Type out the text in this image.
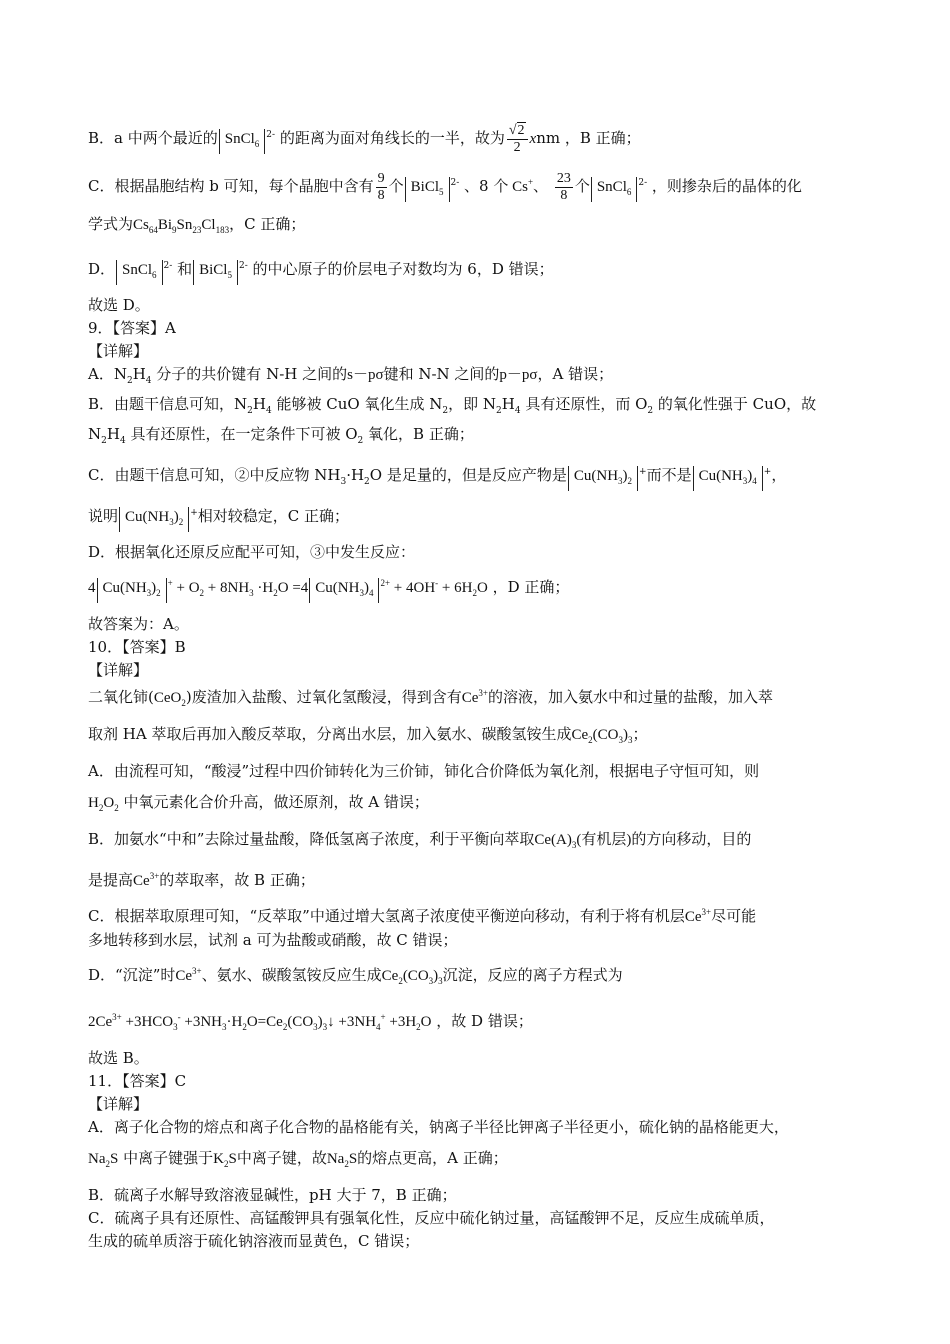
B．a 中两个最近的 SnCl$_6^{2-}$ 的距离为面对角线长的一半，故为 $\frac{√2}{2}$ xnm ，B 正确；

C．根据晶胞结构 b 可知，每个晶胞中含有 $\frac{9}{8}$ 个 BiCl$_5^{2-}$ 、8 个 Cs+、 $\frac{23}{8}$ 个 SnCl$_6^{2-}$ ，则掺杂后的晶体的化

学式为$Cs_{64}Bi_9Sn_{23}Cl_{183}$，C 正确；

D． SnCl$_6^{2-}$ 和 BiCl$_5^{2-}$ 的中心原子的价层电子对数均为 6，D 错误；

故选 D。

9．【答案】A

【详解】

A．$N_2H_4$ 分子的共价键有 N-H 之间的s－pσ键和 N-N 之间的p－pσ，A 错误；

B．由题干信息可知，$N_2H_4$ 能够被 CuO 氧化生成 $N_2$，即 $N_2H_4$ 具有还原性，而 $O_2$ 的氧化性强于 CuO，故

$N_2H_4$ 具有还原性，在一定条件下可被 $O_2$ 氧化，B 正确；

C．由题干信息可知，②中反应物 $NH_3\cdot H_2O$ 是足量的，但是反应产物是 $Cu(NH_3)_2^+$而不是 $Cu(NH_3)_4^+$，

说明 $Cu(NH_3)_2^+$相对较稳定，C 正确；

D．根据氧化还原反应配平可知，③中发生反应：

4 $Cu(NH_3)_2^+ + O_2 + 8NH_3 \cdot H_2O =4$ $Cu(NH_3)_4^{2+} + 4OH^- + 6H_2O$ ，D 正确；

故答案为：A。

10．【答案】B

【详解】

二氧化铈(CeO$_2$)废渣加入盐酸、过氧化氢酸浸，得到含有$Ce^{3+}$的溶液，加入氨水中和过量的盐酸，加入萃

取剂 HA 萃取后再加入酸反萃取，分离出水层，加入氨水、碳酸氢铵生成$Ce_2(CO_3)_3$；

A．由流程可知，“酸浸”过程中四价铈转化为三价铈，铈化合价降低为氧化剂，根据电子守恒可知，则

$H_2O_2$ 中氧元素化合价升高，做还原剂，故 A 错误；

B．加氨水“中和”去除过量盐酸，降低氢离子浓度，利于平衡向萃取$Ce(A)_3$(有机层)的方向移动，目的

是提高$Ce^{3+}$的萃取率，故 B 正确；

C．根据萃取原理可知，“反萃取”中通过增大氢离子浓度使平衡逆向移动，有利于将有机层$Ce^{3+}$尽可能

多地转移到水层，试剂 a 可为盐酸或硝酸，故 C 错误；

D．“沉淀”时$Ce^{3+}$、氨水、碳酸氢铵反应生成$Ce_2(CO_3)_3$沉淀，反应的离子方程式为

$2Ce^{3+} +3HCO_3^-$ $+3NH_3\cdot H_2O=Ce_2(CO_3)_3↓ +3NH_4^+ +3H_2O$ ，故 D 错误；

故选 B。

11．【答案】C

【详解】

A．离子化合物的熔点和离子化合物的晶格能有关，钠离子半径比钾离子半径更小，硫化钠的晶格能更大，

$Na_2S$ 中离子键强于$K_2S$中离子键，故$Na_2S$的熔点更高，A 正确；

B．硫离子水解导致溶液显碱性，pH 大于 7，B 正确；

C．硫离子具有还原性、高锰酸钾具有强氧化性，反应中硫化钠过量，高锰酸钾不足，反应生成硫单质，

生成的硫单质溶于硫化钠溶液而显黄色，C 错误；
